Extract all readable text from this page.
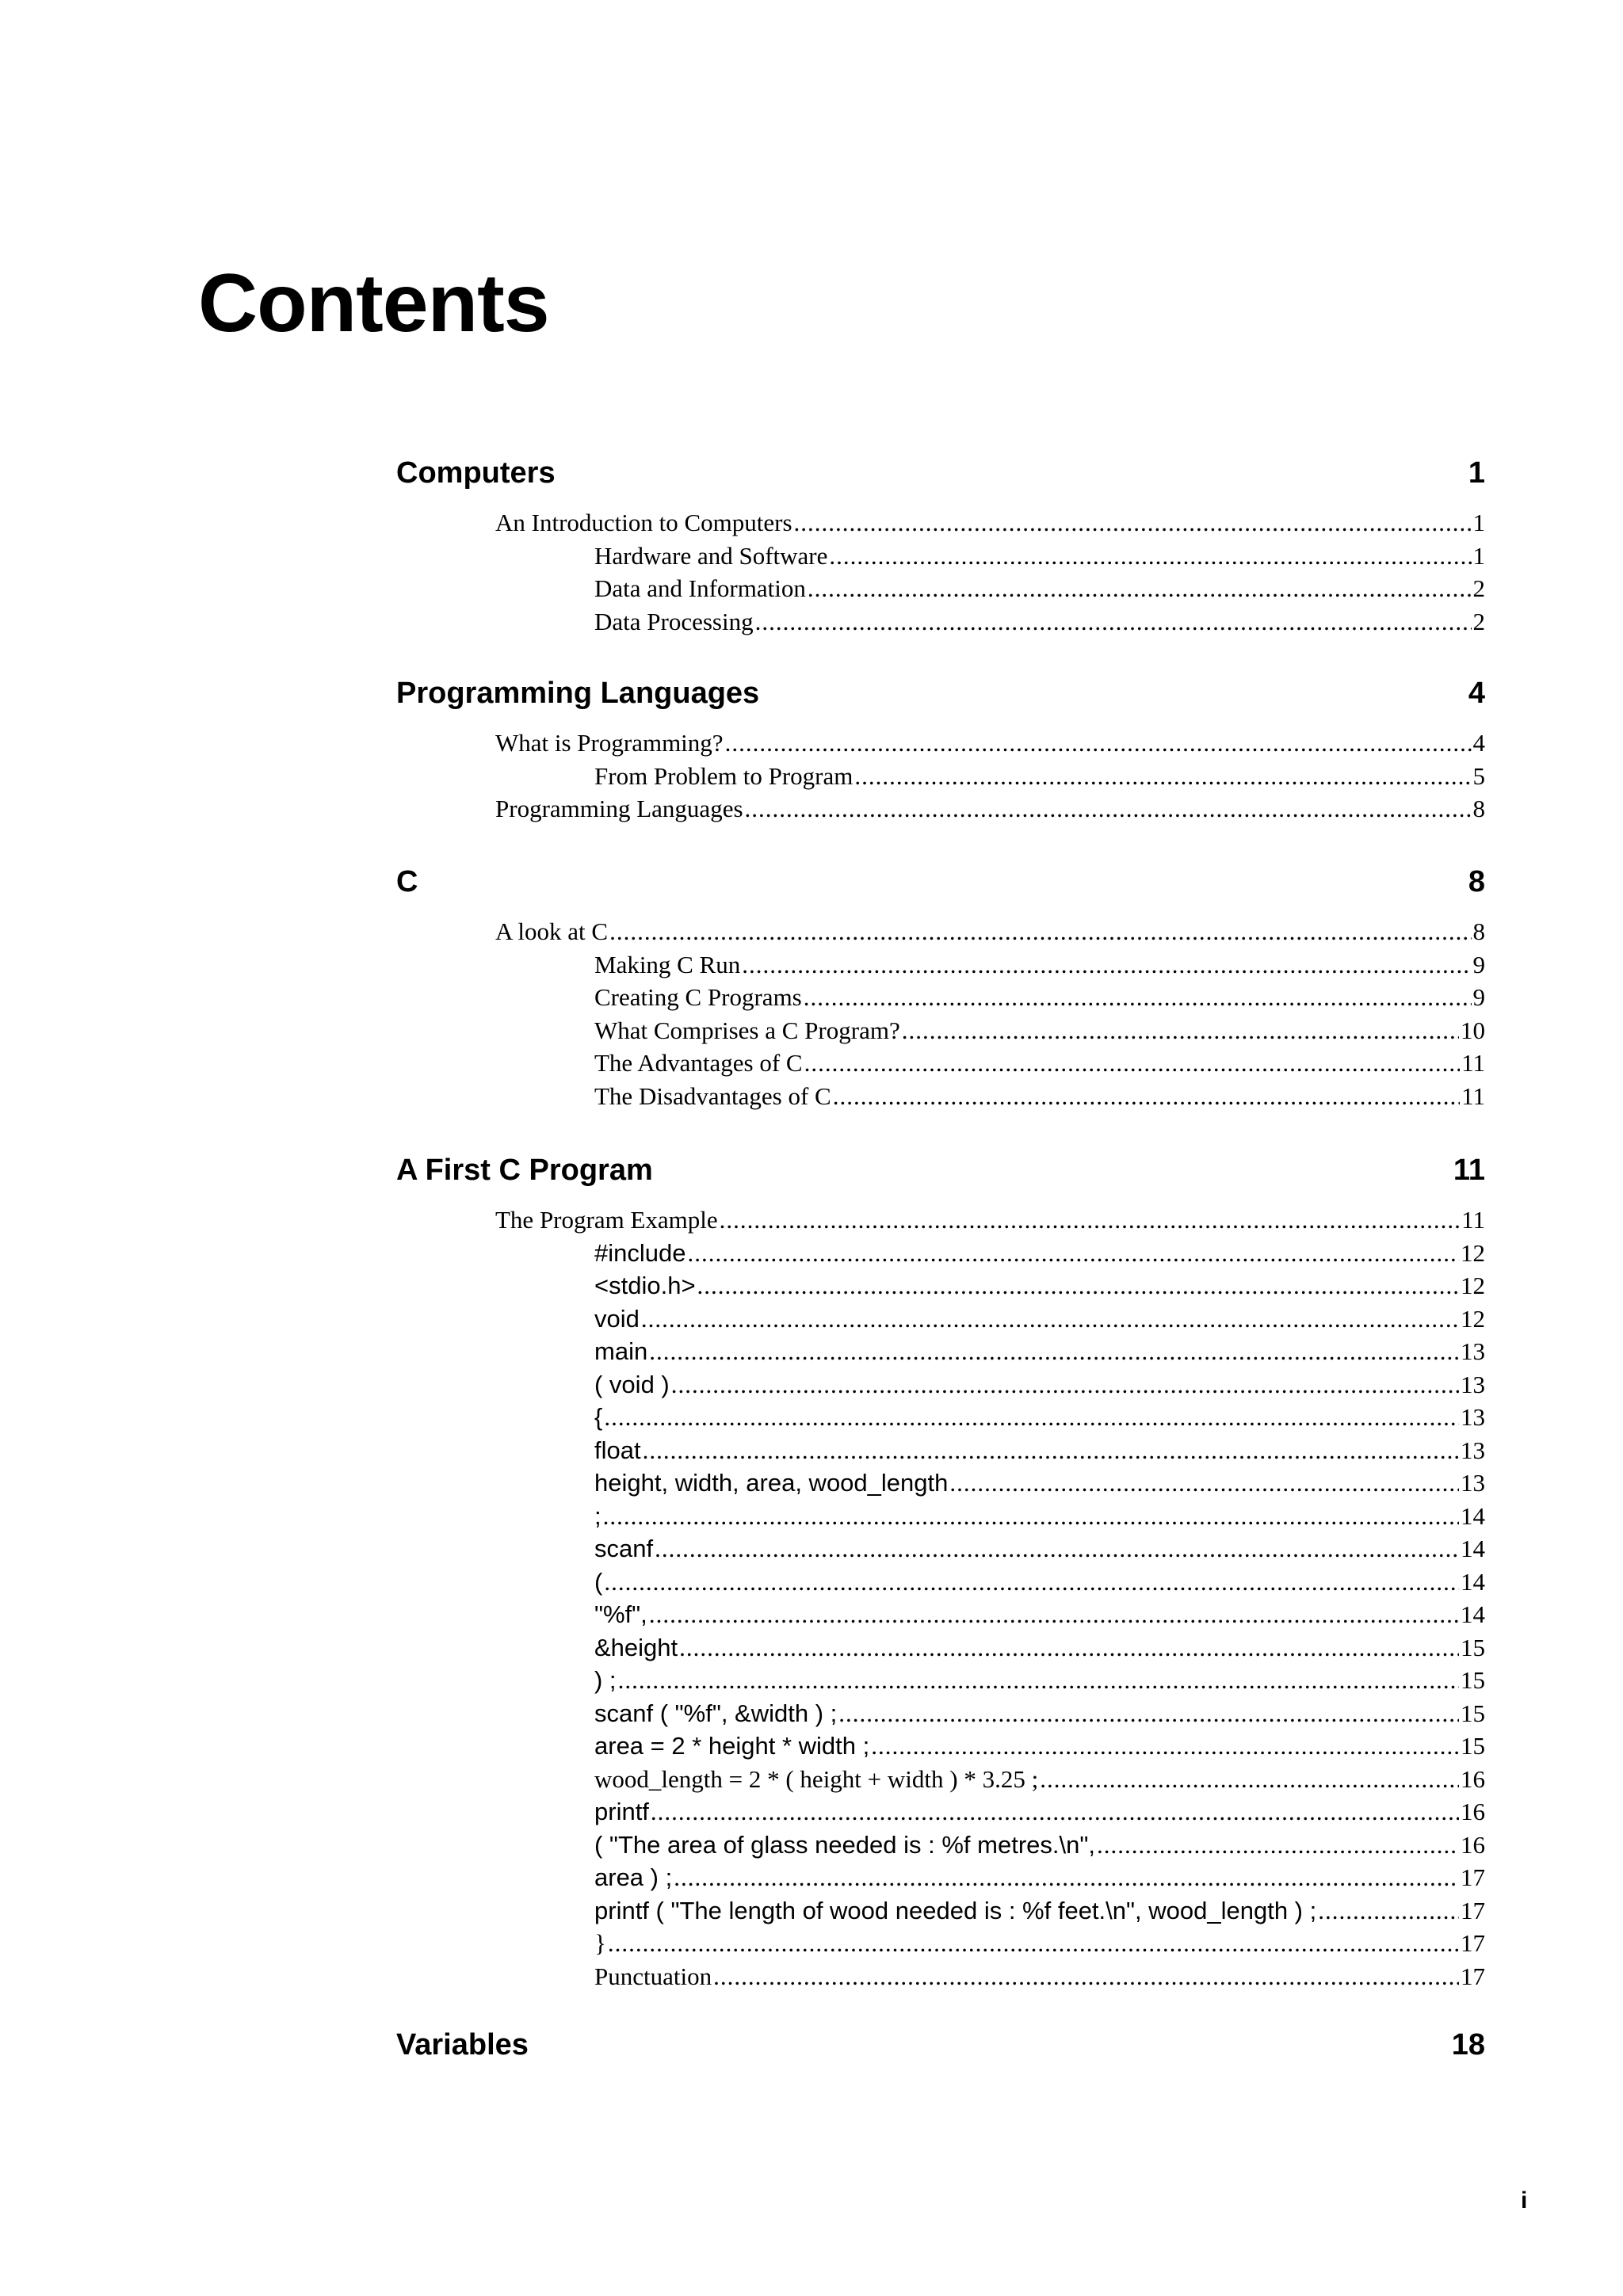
Contents
Computers	1
An Introduction to Computers .....	1
Hardware and Software .....	1
Data and Information .....	2
Data Processing .....	2
Programming Languages	4
What is Programming? .....	4
From Problem to Program .....	5
Programming Languages .....	8
C	8
A look at C .....	8
Making C Run .....	9
Creating C Programs .....	9
What Comprises a C Program? .....	10
The Advantages of C .....	11
The Disadvantages of C .....	11
A First C Program	11
The Program Example .....	11
#include .....	12
<stdio.h> .....	12
void .....	12
main .....	13
( void ) .....	13
{ .....	13
float .....	13
height, width, area, wood_length .....	13
; .....	14
scanf .....	14
( .....	14
"%f", .....	14
&height .....	15
) ; .....	15
scanf ( "%f", &width ) ; .....	15
area = 2 * height * width ; .....	15
wood_length = 2 * ( height + width ) * 3.25 ; .....	16
printf .....	16
( "The area of glass needed is : %f metres.\n", .....	16
area ) ; .....	17
printf ( "The length of wood needed is : %f feet.\n", wood_length ) ; .....	17
} .....	17
Punctuation .....	17
Variables	18
i
